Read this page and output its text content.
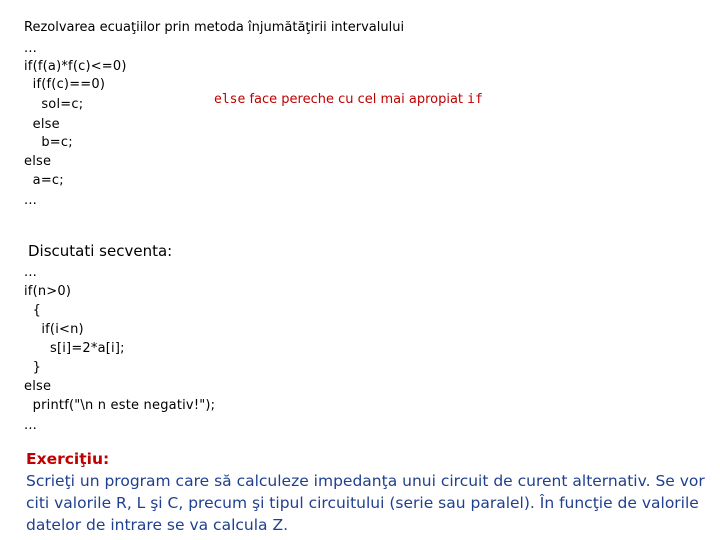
Rezolvarea ecuaţiilor prin metoda înjumătăţirii intervalului
...
if(f(a)*f(c)<=0)
if(f(c)==0)
sol=c;
else
b=c;
else
a=c;
...
else face pereche cu cel mai apropiat if
Discutati secventa:
...
if(n>0)
{
if(i<n)
s[i]=2*a[i];
}
else
printf("\n n este negativ!");
...
Exerciţiu:
Scrieţi un program care să calculeze impedanţa unui circuit de curent alternativ. Se vor citi valorile R, L şi C, precum şi tipul circuitului (serie sau paralel). În funcţie de valorile datelor de intrare se va calcula Z.
